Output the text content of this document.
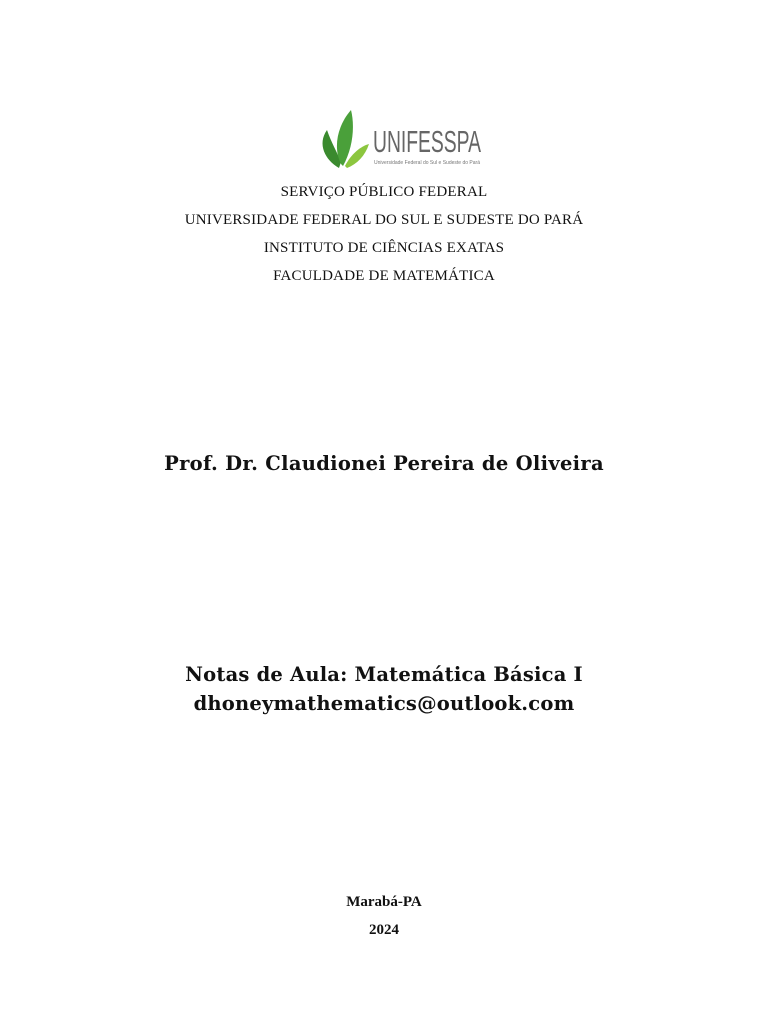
UNIFESSPA
Universidade Federal do Sul e Sudeste do Pará
SERVIÇO PÚBLICO FEDERAL
UNIVERSIDADE FEDERAL DO SUL E SUDESTE DO PARÁ
INSTITUTO DE CIÊNCIAS EXATAS
FACULDADE DE MATEMÁTICA
Prof. Dr. Claudionei Pereira de Oliveira
Notas de Aula: Matemática Básica I
dhoneymathematics@outlook.com
Marabá-PA
2024
